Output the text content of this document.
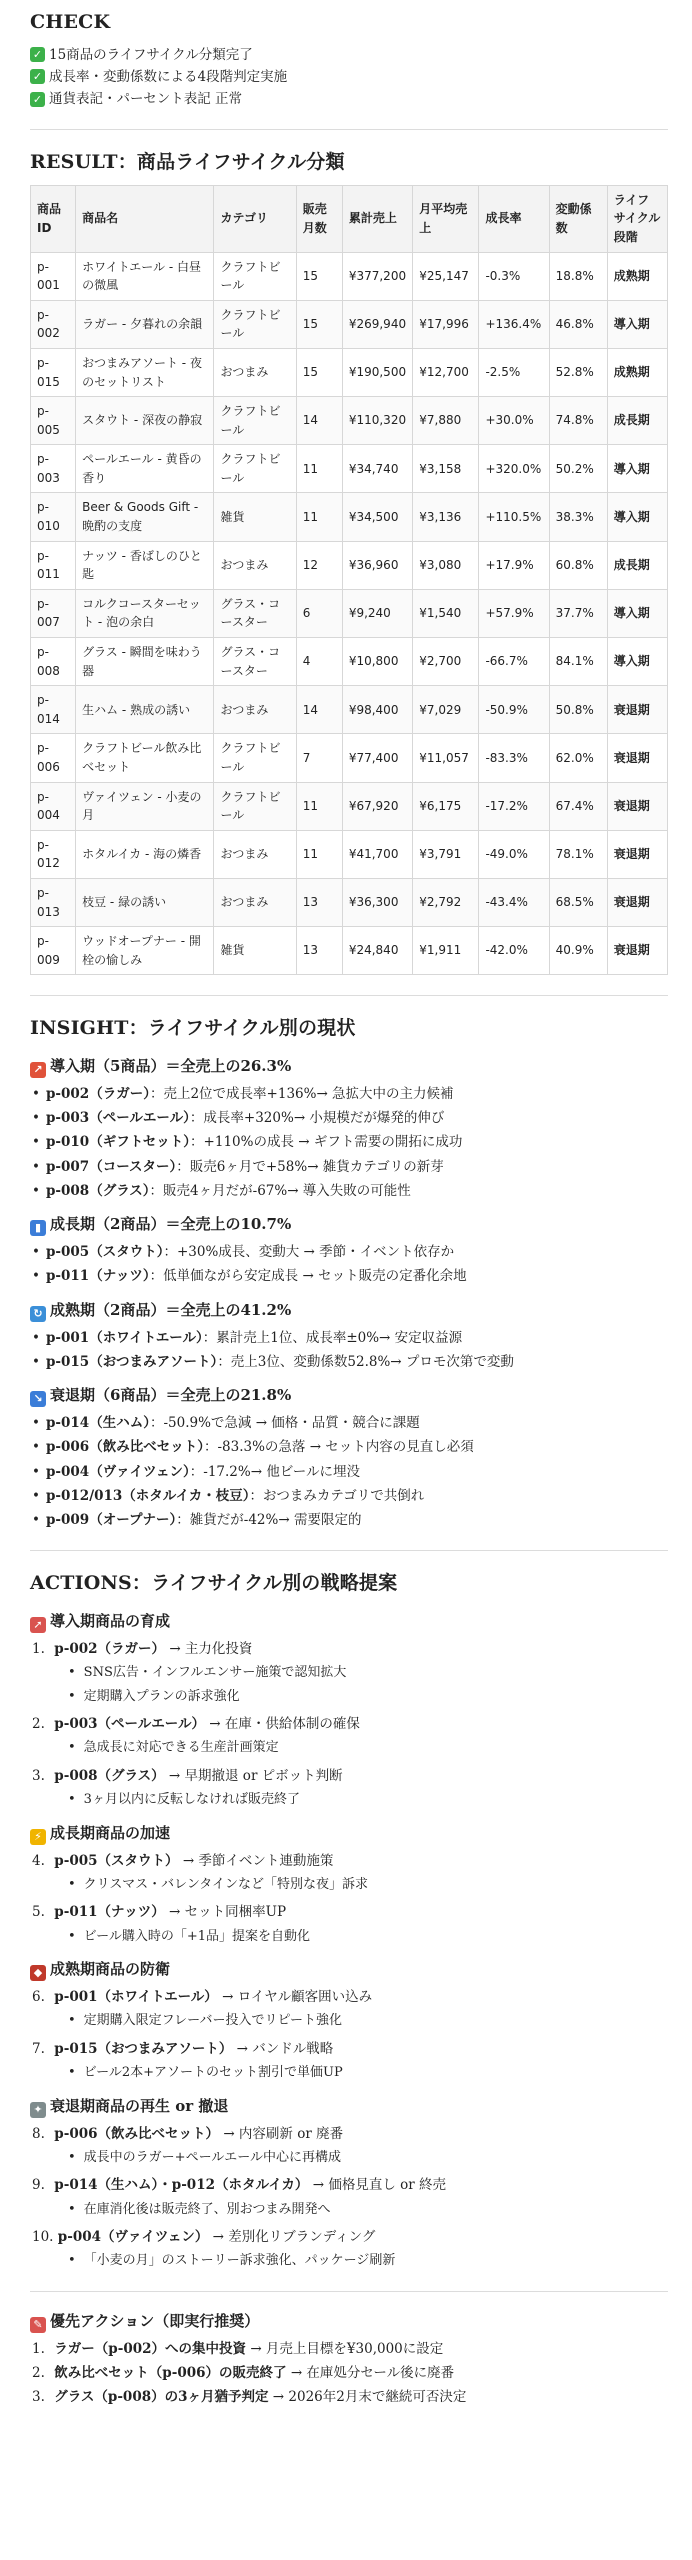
CHECK
✓ 15商品のライフサイクル分類完了
✓ 成長率・変動係数による4段階判定実施
✓ 通貨表記・パーセント表記 正常
RESULT：商品ライフサイクル分類
商品ID	商品名	カテゴリ	販売月数	累計売上	月平均売上	成長率	変動係数	ライフサイクル段階
p-001	ホワイトエール - 白昼の微風	クラフトビール	15	¥377,200	¥25,147	-0.3%	18.8%	成熟期
p-002	ラガー - 夕暮れの余韻	クラフトビール	15	¥269,940	¥17,996	+136.4%	46.8%	導入期
p-015	おつまみアソート - 夜のセットリスト	おつまみ	15	¥190,500	¥12,700	-2.5%	52.8%	成熟期
p-005	スタウト - 深夜の静寂	クラフトビール	14	¥110,320	¥7,880	+30.0%	74.8%	成長期
p-003	ペールエール - 黄昏の香り	クラフトビール	11	¥34,740	¥3,158	+320.0%	50.2%	導入期
p-010	Beer & Goods Gift - 晩酌の支度	雑貨	11	¥34,500	¥3,136	+110.5%	38.3%	導入期
p-011	ナッツ - 香ばしのひと匙	おつまみ	12	¥36,960	¥3,080	+17.9%	60.8%	成長期
p-007	コルクコースターセット - 泡の余白	グラス・コースター	6	¥9,240	¥1,540	+57.9%	37.7%	導入期
p-008	グラス - 瞬間を味わう器	グラス・コースター	4	¥10,800	¥2,700	-66.7%	84.1%	導入期
p-014	生ハム - 熟成の誘い	おつまみ	14	¥98,400	¥7,029	-50.9%	50.8%	衰退期
p-006	クラフトビール飲み比べセット	クラフトビール	7	¥77,400	¥11,057	-83.3%	62.0%	衰退期
p-004	ヴァイツェン - 小麦の月	クラフトビール	11	¥67,920	¥6,175	-17.2%	67.4%	衰退期
p-012	ホタルイカ - 海の燐香	おつまみ	11	¥41,700	¥3,791	-49.0%	78.1%	衰退期
p-013	枝豆 - 緑の誘い	おつまみ	13	¥36,300	¥2,792	-43.4%	68.5%	衰退期
p-009	ウッドオープナー - 開栓の愉しみ	雑貨	13	¥24,840	¥1,911	-42.0%	40.9%	衰退期
INSIGHT：ライフサイクル別の現状
↗ 導入期（5商品）＝全売上の26.3%
• p-002（ラガー）：売上2位で成長率+136%→ 急拡大中の主力候補
• p-003（ペールエール）：成長率+320%→ 小規模だが爆発的伸び
• p-010（ギフトセット）：+110%の成長 → ギフト需要の開拓に成功
• p-007（コースター）：販売6ヶ月で+58%→ 雑貨カテゴリの新芽
• p-008（グラス）：販売4ヶ月だが-67%→ 導入失敗の可能性
▮ 成長期（2商品）＝全売上の10.7%
• p-005（スタウト）：+30%成長、変動大 → 季節・イベント依存か
• p-011（ナッツ）：低単価ながら安定成長 → セット販売の定番化余地
↻ 成熟期（2商品）＝全売上の41.2%
• p-001（ホワイトエール）：累計売上1位、成長率±0%→ 安定収益源
• p-015（おつまみアソート）：売上3位、変動係数52.8%→ プロモ次第で変動
↘ 衰退期（6商品）＝全売上の21.8%
• p-014（生ハム）：-50.9%で急減 → 価格・品質・競合に課題
• p-006（飲み比べセット）：-83.3%の急落 → セット内容の見直し必須
• p-004（ヴァイツェン）：-17.2%→ 他ビールに埋没
• p-012/013（ホタルイカ・枝豆）：おつまみカテゴリで共倒れ
• p-009（オープナー）：雑貨だが-42%→ 需要限定的
ACTIONS：ライフサイクル別の戦略提案
➚ 導入期商品の育成
1. p-002（ラガー） → 主力化投資
• SNS広告・インフルエンサー施策で認知拡大
• 定期購入プランの訴求強化
2. p-003（ペールエール） → 在庫・供給体制の確保
• 急成長に対応できる生産計画策定
3. p-008（グラス） → 早期撤退 or ピボット判断
• 3ヶ月以内に反転しなければ販売終了
⚡ 成長期商品の加速
4. p-005（スタウト） → 季節イベント連動施策
• クリスマス・バレンタインなど「特別な夜」訴求
5. p-011（ナッツ） → セット同梱率UP
• ビール購入時の「+1品」提案を自動化
◆ 成熟期商品の防衛
6. p-001（ホワイトエール） → ロイヤル顧客囲い込み
• 定期購入限定フレーバー投入でリピート強化
7. p-015（おつまみアソート） → バンドル戦略
• ビール2本+アソートのセット割引で単価UP
✦ 衰退期商品の再生 or 撤退
8. p-006（飲み比べセット） → 内容刷新 or 廃番
• 成長中のラガー+ペールエール中心に再構成
9. p-014（生ハム）・p-012（ホタルイカ） → 価格見直し or 終売
• 在庫消化後は販売終了、別おつまみ開発へ
10. p-004（ヴァイツェン） → 差別化リブランディング
• 「小麦の月」のストーリー訴求強化、パッケージ刷新
✎ 優先アクション（即実行推奨）
1. ラガー（p-002）への集中投資 → 月売上目標を¥30,000に設定
2. 飲み比べセット（p-006）の販売終了 → 在庫処分セール後に廃番
3. グラス（p-008）の3ヶ月猶予判定 → 2026年2月末で継続可否決定
